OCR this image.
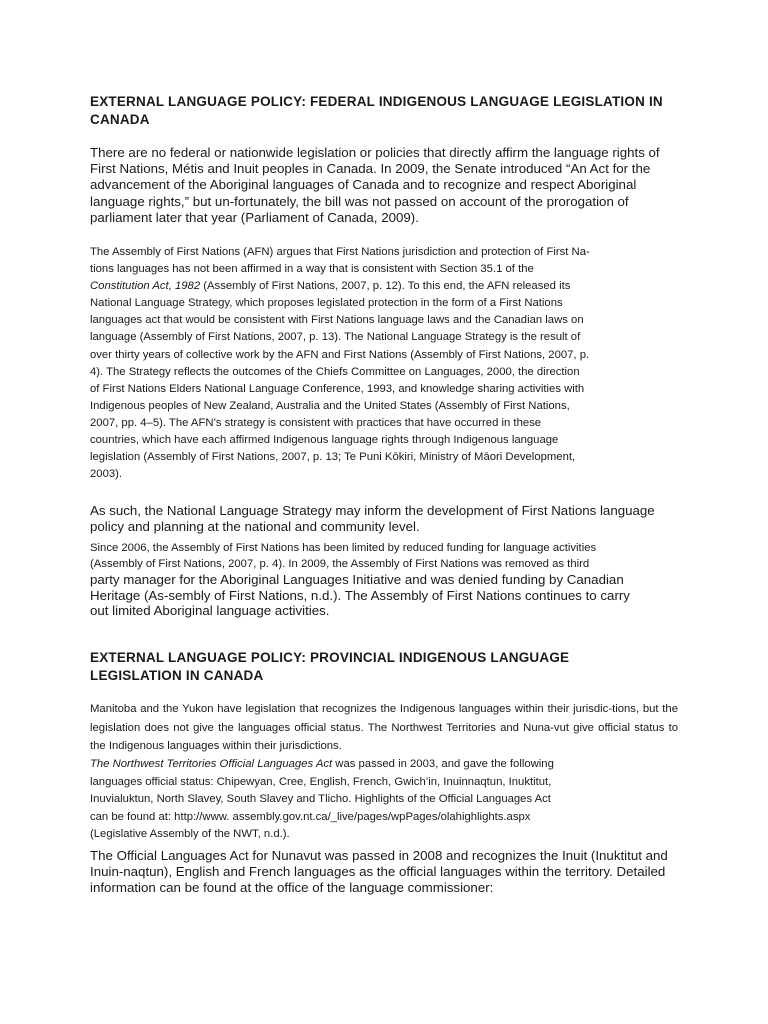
EXTERNAL LANGUAGE POLICY: FEDERAL INDIGENOUS LANGUAGE LEGISLATION IN CANADA

There are no federal or nationwide legislation or policies that directly affirm the language rights of First Nations, Métis and Inuit peoples in Canada. In 2009, the Senate introduced “An Act for the advancement of the Aboriginal languages of Canada and to recognize and respect Aboriginal language rights,” but un-fortunately, the bill was not passed on account of the prorogation of parliament later that year (Parliament of Canada, 2009).

The Assembly of First Nations (AFN) argues that First Nations jurisdiction and protection of First Na-
tions languages has not been affirmed in a way that is consistent with Section 35.1 of the
Constitution Act, 1982 (Assembly of First Nations, 2007, p. 12). To this end, the AFN released its
National Language Strategy, which proposes legislated protection in the form of a First Nations
languages act that would be consistent with First Nations language laws and the Canadian laws on
language (Assembly of First Nations, 2007, p. 13). The National Language Strategy is the result of
over thirty years of collective work by the AFN and First Nations (Assembly of First Nations, 2007, p.
4). The Strategy reflects the outcomes of the Chiefs Committee on Languages, 2000, the direction
of First Nations Elders National Language Conference, 1993, and knowledge sharing activities with
Indigenous peoples of New Zealand, Australia and the United States (Assembly of First Nations,
2007, pp. 4–5). The AFN’s strategy is consistent with practices that have occurred in these
countries, which have each affirmed Indigenous language rights through Indigenous language
legislation (Assembly of First Nations, 2007, p. 13; Te Puni Kōkiri, Ministry of Māori Development,
2003).

As such, the National Language Strategy may inform the development of First Nations language policy and planning at the national and community level.

Since 2006, the Assembly of First Nations has been limited by reduced funding for language activities
(Assembly of First Nations, 2007, p. 4). In 2009, the Assembly of First Nations was removed as third
party manager for the Aboriginal Languages Initiative and was denied funding by Canadian
Heritage (As-sembly of First Nations, n.d.). The Assembly of First Nations continues to carry
out limited Aboriginal language activities.

EXTERNAL LANGUAGE POLICY: PROVINCIAL INDIGENOUS LANGUAGE LEGISLATION IN CANADA

Manitoba and the Yukon have legislation that recognizes the Indigenous languages within their jurisdic-tions, but the legislation does not give the languages official status. The Northwest Territories and Nuna-vut give official status to the Indigenous languages within their jurisdictions.

The Northwest Territories Official Languages Act was passed in 2003, and gave the following
languages official status: Chipewyan, Cree, English, French, Gwich’in, Inuinnaqtun, Inuktitut,
Inuvialuktun, North Slavey, South Slavey and Tlicho. Highlights of the Official Languages Act
can be found at: http://www. assembly.gov.nt.ca/_live/pages/wpPages/olahighlights.aspx
(Legislative Assembly of the NWT, n.d.).

The Official Languages Act for Nunavut was passed in 2008 and recognizes the Inuit (Inuktitut and Inuin-naqtun), English and French languages as the official languages within the territory. Detailed information can be found at the office of the language commissioner:
